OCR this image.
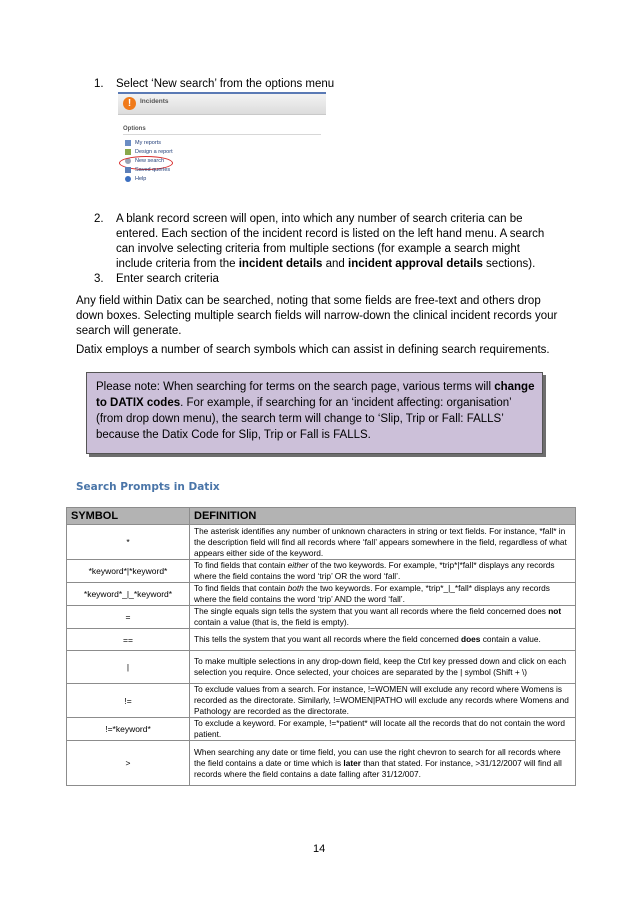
1. Select ‘New search’ from the options menu
!	Incidents
Options
My reports
Design a report
New search
Saved queries
Help
2. A blank record screen will open, into which any number of search criteria can be entered. Each section of the incident record is listed on the left hand menu. A search can involve selecting criteria from multiple sections (for example a search might include criteria from the incident details and incident approval details sections).
3. Enter search criteria
Any field within Datix can be searched, noting that some fields are free-text and others drop down boxes. Selecting multiple search fields will narrow-down the clinical incident records your search will generate.
Datix employs a number of search symbols which can assist in defining search requirements.
Please note: When searching for terms on the search page, various terms will change to DATIX codes. For example, if searching for an ‘incident affecting: organisation’ (from drop down menu), the search term will change to ‘Slip, Trip or Fall: FALLS’ because the Datix Code for Slip, Trip or Fall is FALLS.
Search Prompts in Datix
SYMBOL	DEFINITION
*	The asterisk identifies any number of unknown characters in string or text fields. For instance, *fall* in the description field will find all records where ‘fall’ appears somewhere in the field, regardless of what appears either side of the keyword.
*keyword*|*keyword*	To find fields that contain either of the two keywords. For example, *trip*|*fall* displays any records where the field contains the word ‘trip’ OR the word ‘fall’.
*keyword*_|_*keyword*	To find fields that contain both the two keywords. For example, *trip*_|_*fall* displays any records where the field contains the word ‘trip’ AND the word ‘fall’.
=	The single equals sign tells the system that you want all records where the field concerned does not contain a value (that is, the field is empty).
==	This tells the system that you want all records where the field concerned does contain a value.
|	To make multiple selections in any drop-down field, keep the Ctrl key pressed down and click on each selection you require. Once selected, your choices are separated by the | symbol (Shift + \)
!=	To exclude values from a search. For instance, !=WOMEN will exclude any record where Womens is recorded as the directorate. Similarly, !=WOMEN|PATHO will exclude any records where Womens and Pathology are recorded as the directorate.
!=*keyword*	To exclude a keyword. For example, !=*patient* will locate all the records that do not contain the word patient.
>	When searching any date or time field, you can use the right chevron to search for all records where the field contains a date or time which is later than that stated. For instance, >31/12/2007 will find all records where the field contains a date falling after 31/12/007.
14
